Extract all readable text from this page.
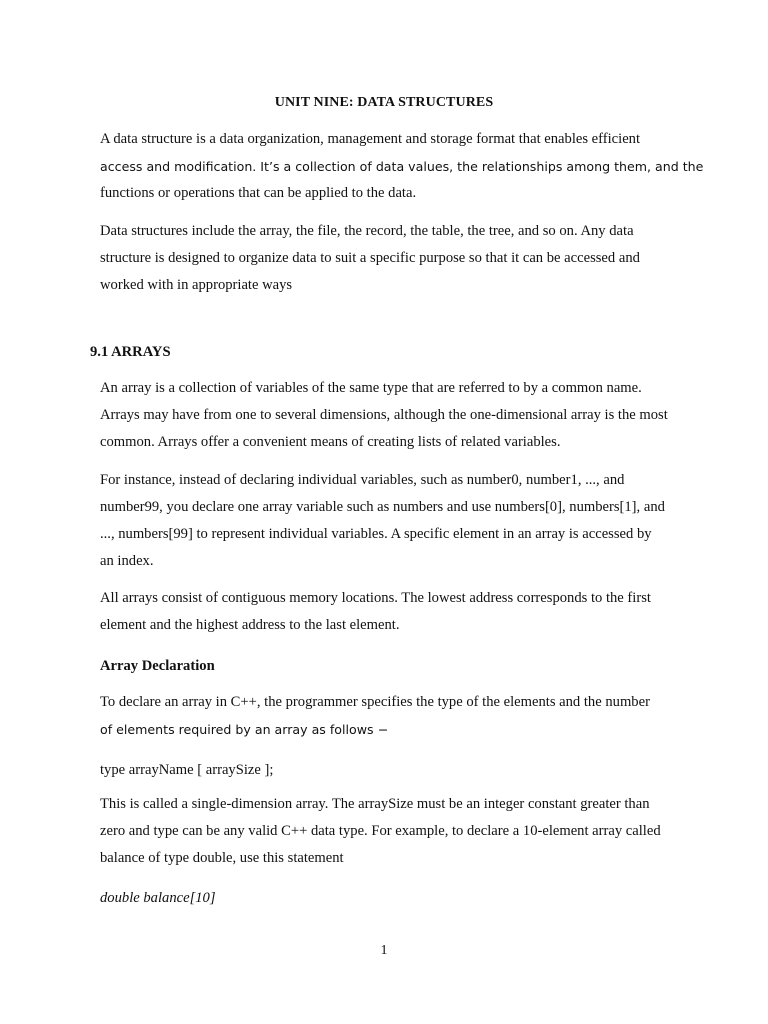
UNIT NINE: DATA STRUCTURES

A data structure is a data organization, management and storage format that enables efficient
access and modification. It’s a collection of data values, the relationships among them, and the
functions or operations that can be applied to the data.

Data structures include the array, the file, the record, the table, the tree, and so on. Any data
structure is designed to organize data to suit a specific purpose so that it can be accessed and
worked with in appropriate ways

9.1 ARRAYS

An array is a collection of variables of the same type that are referred to by a common name.
Arrays may have from one to several dimensions, although the one-dimensional array is the most
common. Arrays offer a convenient means of creating lists of related variables.

For instance, instead of declaring individual variables, such as number0, number1, ..., and
number99, you declare one array variable such as numbers and use numbers[0], numbers[1], and
..., numbers[99] to represent individual variables. A specific element in an array is accessed by
an index.

All arrays consist of contiguous memory locations. The lowest address corresponds to the first
element and the highest address to the last element.

Array Declaration

To declare an array in C++, the programmer specifies the type of the elements and the number
of elements required by an array as follows −

type arrayName [ arraySize ];

This is called a single-dimension array. The arraySize must be an integer constant greater than
zero and type can be any valid C++ data type. For example, to declare a 10-element array called
balance of type double, use this statement

double balance[10]
1
